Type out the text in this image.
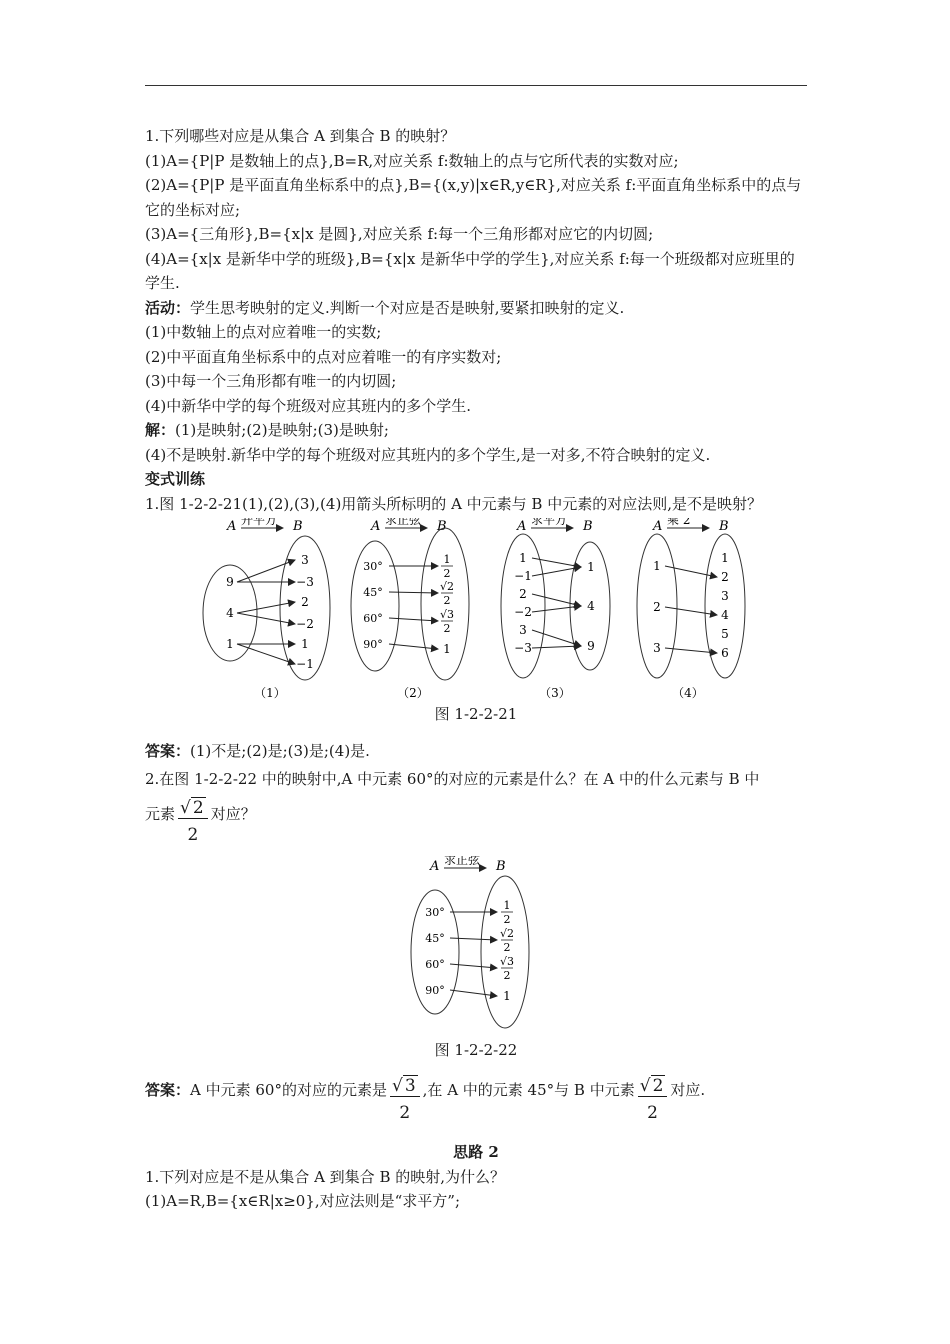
1.下列哪些对应是从集合 A 到集合 B 的映射？

(1)A={P|P 是数轴上的点},B=R,对应关系 f:数轴上的点与它所代表的实数对应;

(2)A={P|P 是平面直角坐标系中的点},B={(x,y)|x∈R,y∈R},对应关系 f:平面直角坐标系中的点与它的坐标对应;

(3)A={三角形},B={x|x 是圆},对应关系 f:每一个三角形都对应它的内切圆;

(4)A={x|x 是新华中学的班级},B={x|x 是新华中学的学生},对应关系 f:每一个班级都对应班里的学生.

活动：学生思考映射的定义.判断一个对应是否是映射,要紧扣映射的定义.

(1)中数轴上的点对应着唯一的实数;

(2)中平面直角坐标系中的点对应着唯一的有序实数对;

(3)中每一个三角形都有唯一的内切圆;

(4)中新华中学的每个班级对应其班内的多个学生.

解：(1)是映射;(2)是映射;(3)是映射;

(4)不是映射.新华中学的每个班级对应其班内的多个学生,是一对多,不符合映射的定义.

变式训练

1.图 1-2-2-21(1),(2),(3),(4)用箭头所标明的 A 中元素与 B 中元素的对应法则,是不是映射？

A 开平方 B
9
4
1
3
−3
2
−2
1
−1
（1）
A 求正弦 B
30°
45°
60°
90°
1
2
√2
2
√3
2
1
（2）
A 求平方 B
1
−1
2
−2
3
−3
1
4
9
（3）
A 乘 2 B
1
2
3
1
2
3
4
5
6
（4）

图 1-2-2-21

答案：(1)不是;(2)是;(3)是;(4)是.

2.在图 1-2-2-22 中的映射中,A 中元素 60°的对应的元素是什么？在 A 中的什么元素与 B 中

元素 $\frac{√ 2}{2}$ 对应？

A 求正弦 B
30°
45°
60°
90°
1
2
√2
2
√3
2
1

图 1-2-2-22

答案：A 中元素 60°的对应的元素是 $\frac{√ 3}{2}$ ,在 A 中的元素 45°与 B 中元素 $\frac{√ 2}{2}$ 对应.

思路 2

1.下列对应是不是从集合 A 到集合 B 的映射,为什么？

(1)A=R,B={x∈R|x≥0},对应法则是“求平方”;
